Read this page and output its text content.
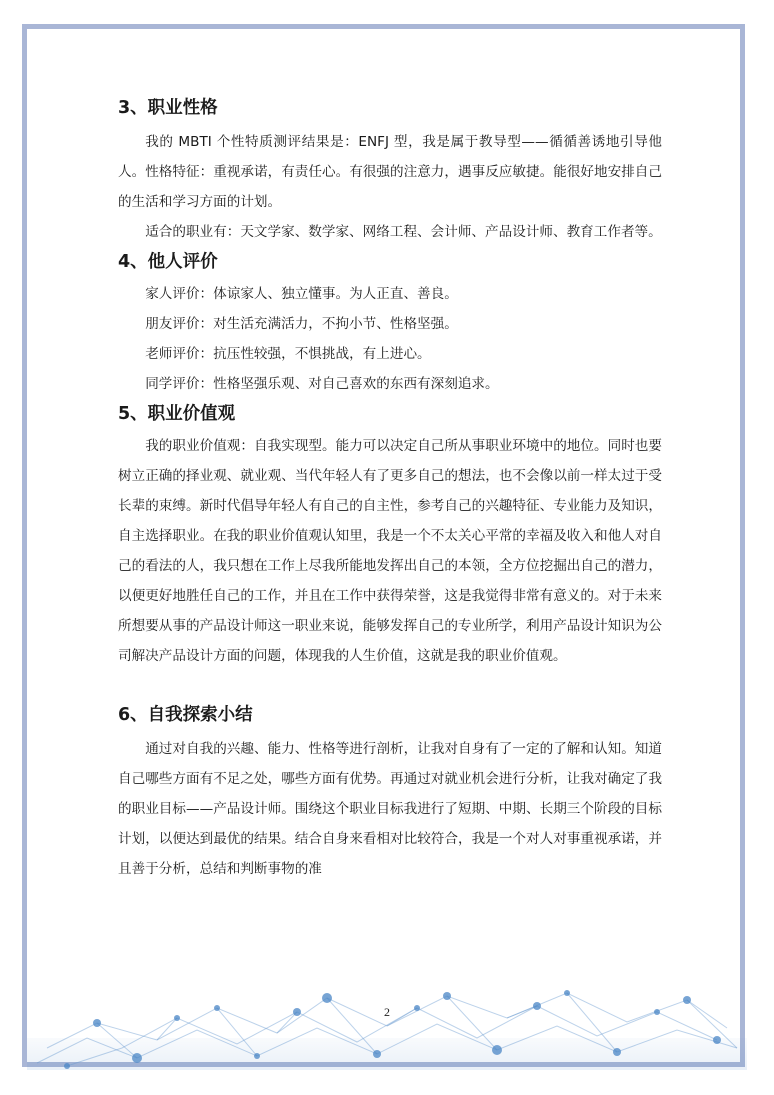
3、职业性格

我的 MBTI 个性特质测评结果是：ENFJ 型，我是属于教导型——循循善诱地引导他人。性格特征：重视承诺，有责任心。有很强的注意力，遇事反应敏捷。能很好地安排自己的生活和学习方面的计划。

适合的职业有：天文学家、数学家、网络工程、会计师、产品设计师、教育工作者等。

4、他人评价

家人评价：体谅家人、独立懂事。为人正直、善良。

朋友评价：对生活充满活力，不拘小节、性格坚强。

老师评价：抗压性较强，不惧挑战，有上进心。

同学评价：性格坚强乐观、对自己喜欢的东西有深刻追求。

5、职业价值观

我的职业价值观：自我实现型。能力可以决定自己所从事职业环境中的地位。同时也要树立正确的择业观、就业观、当代年轻人有了更多自己的想法，也不会像以前一样太过于受长辈的束缚。新时代倡导年轻人有自己的自主性，参考自己的兴趣特征、专业能力及知识，自主选择职业。在我的职业价值观认知里，我是一个不太关心平常的幸福及收入和他人对自己的看法的人，我只想在工作上尽我所能地发挥出自己的本领，全方位挖掘出自己的潜力，以便更好地胜任自己的工作，并且在工作中获得荣誉，这是我觉得非常有意义的。对于未来所想要从事的产品设计师这一职业来说，能够发挥自己的专业所学，利用产品设计知识为公司解决产品设计方面的问题，体现我的人生价值，这就是我的职业价值观。

6、自我探索小结

通过对自我的兴趣、能力、性格等进行剖析，让我对自身有了一定的了解和认知。知道自己哪些方面有不足之处，哪些方面有优势。再通过对就业机会进行分析，让我对确定了我的职业目标——产品设计师。围绕这个职业目标我进行了短期、中期、长期三个阶段的目标计划，以便达到最优的结果。结合自身来看相对比较符合，我是一个对人对事重视承诺，并且善于分析，总结和判断事物的准

2
